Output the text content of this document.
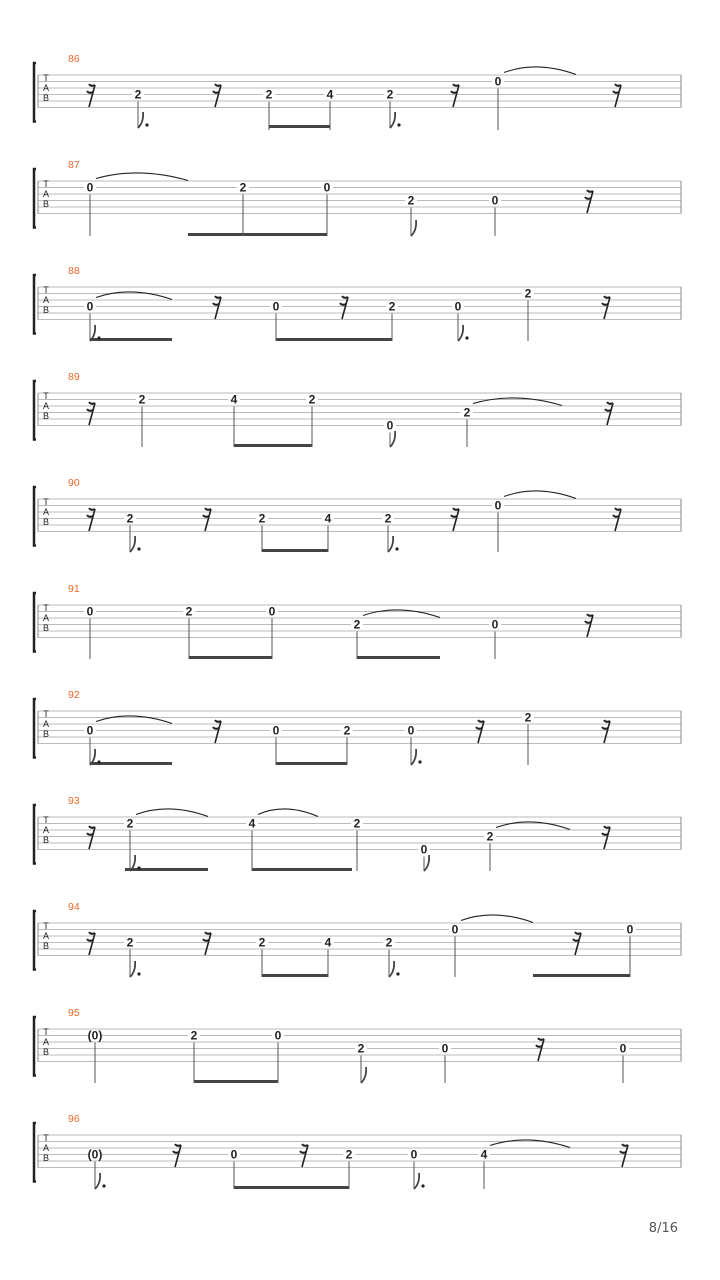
T
A
B	2	2	4	2
0
T
A
B
0	2	0
2	0
T
A
B	0	0	2	0
2
T
A
B
2	4	2
0
2
T
A
B	2	2	4	2
0
T
A
B
0	2	0
2	0
T
A
B	0	0	2	0
2
T
A
B
2	4	2
0
2
T
A
B	2	2	4	2
0	0
T
A
B
(0)	2	0
2	0	0
T
A
B	(0)	0	2	0	4
8/16
86
87
88
89
90
91
92
93
94
95
96
